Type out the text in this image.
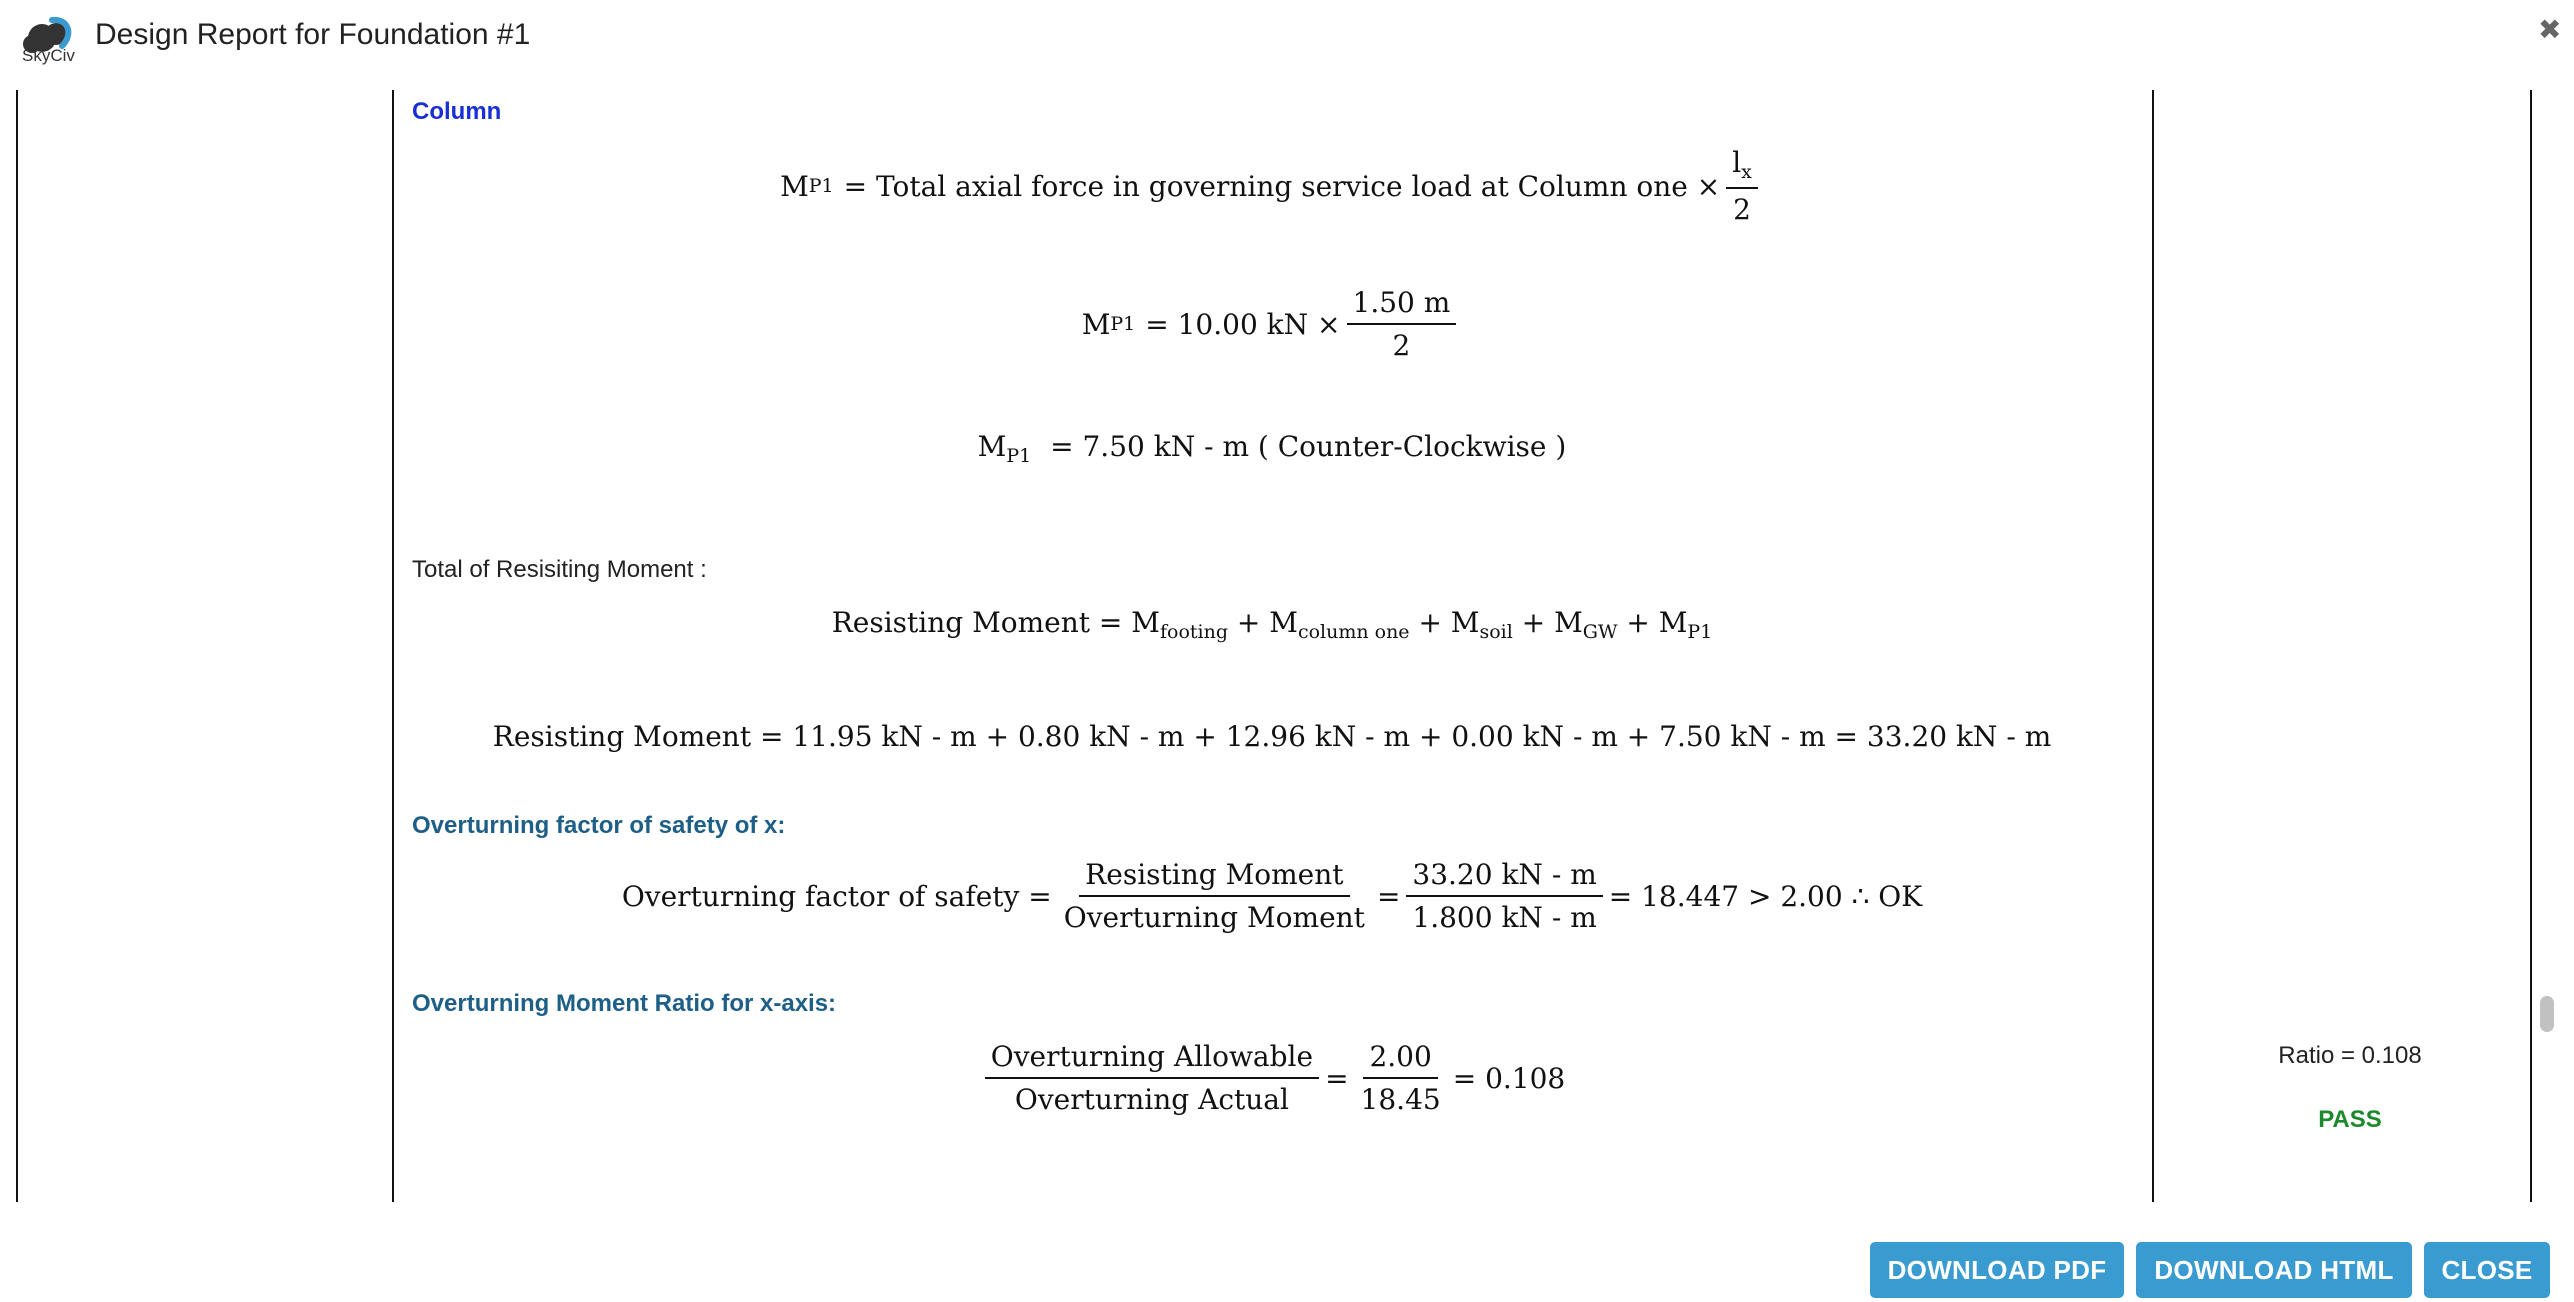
SkyCiv
Design Report for Foundation #1	✖
Column
M P1 = Total axial force in governing service load at Column one × $\frac{l_x}{2}$
M P1 = 10.00 kN × $\frac{1.50 m}{2}$
$M_{P1} = 7.50$ kN - m ( Counter-Clockwise )
Total of Resisiting Moment :
Resisting Moment = $M_{footing} + M_{column one} + M_{soil} + M_{GW} + M_{P1}$
Resisting Moment = 11.95 kN - m + 0.80 kN - m + 12.96 kN - m + 0.00 kN - m + 7.50 kN - m = 33.20 kN - m
Overturning factor of safety of x:
Overturning factor of safety = $\frac{\text{Resisting Moment}}{\text{Overturning Moment}} = \frac{33.20 kN - m}{1.800 kN - m} = 18.447 > 2.00$ ∴ OK
Overturning Moment Ratio for x-axis:
$\frac{\text{Overturning Allowable}}{\text{Overturning Actual}} = \frac{2.00}{18.45} = 0.108$
Ratio = 0.108
PASS
DOWNLOAD PDF	DOWNLOAD HTML	CLOSE
